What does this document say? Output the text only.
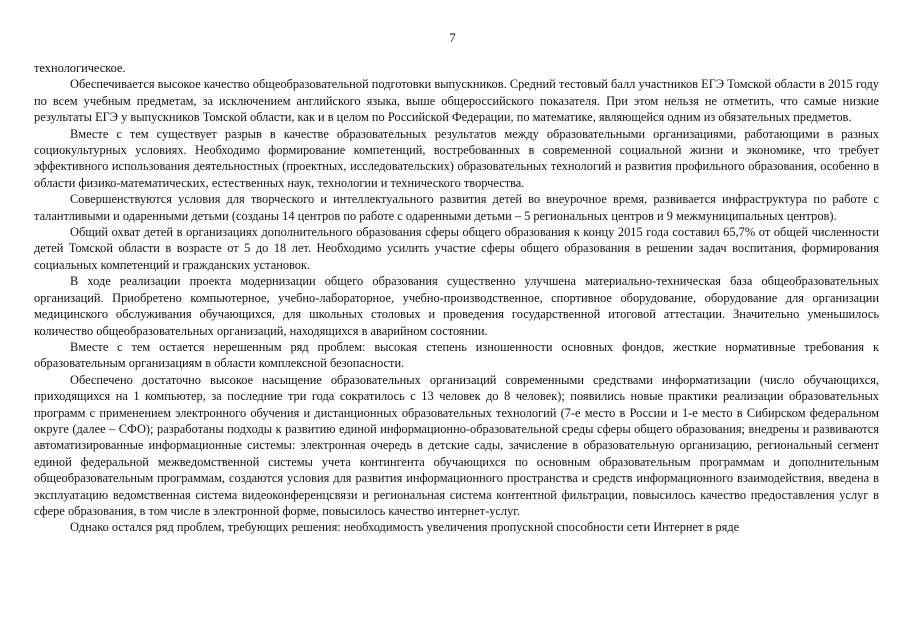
7

технологическое.

Обеспечивается высокое качество общеобразовательной подготовки выпускников. Средний тестовый балл участников ЕГЭ Томской области в 2015 году по всем учебным предметам, за исключением английского языка, выше общероссийского показателя. При этом нельзя не отметить, что самые низкие результаты ЕГЭ у выпускников Томской области, как и в целом по Российской Федерации, по математике, являющейся одним из обязательных предметов.

Вместе с тем существует разрыв в качестве образовательных результатов между образовательными организациями, работающими в разных социокультурных условиях. Необходимо формирование компетенций, востребованных в современной социальной жизни и экономике, что требует эффективного использования деятельностных (проектных, исследовательских) образовательных технологий и развития профильного образования, особенно в области физико-математических, естественных наук, технологии и технического творчества.

Совершенствуются условия для творческого и интеллектуального развития детей во внеурочное время, развивается инфраструктура по работе с талантливыми и одаренными детьми (созданы 14 центров по работе с одаренными детьми – 5 региональных центров и 9 межмуниципальных центров).

Общий охват детей в организациях дополнительного образования сферы общего образования к концу 2015 года составил 65,7% от общей численности детей Томской области в возрасте от 5 до 18 лет. Необходимо усилить участие сферы общего образования в решении задач воспитания, формирования социальных компетенций и гражданских установок.

В ходе реализации проекта модернизации общего образования существенно улучшена материально-техническая база общеобразовательных организаций. Приобретено компьютерное, учебно-лабораторное, учебно-производственное, спортивное оборудование, оборудование для организации медицинского обслуживания обучающихся, для школьных столовых и проведения государственной итоговой аттестации. Значительно уменьшилось количество общеобразовательных организаций, находящихся в аварийном состоянии.

Вместе с тем остается нерешенным ряд проблем: высокая степень изношенности основных фондов, жесткие нормативные требования к образовательным организациям в области комплексной безопасности.

Обеспечено достаточно высокое насыщение образовательных организаций современными средствами информатизации (число обучающихся, приходящихся на 1 компьютер, за последние три года сократилось с 13 человек до 8 человек); появились новые практики реализации образовательных программ с применением электронного обучения и дистанционных образовательных технологий (7-е место в России и 1-е место в Сибирском федеральном округе (далее – СФО); разработаны подходы к развитию единой информационно-образовательной среды сферы общего образования; внедрены и развиваются автоматизированные информационные системы: электронная очередь в детские сады, зачисление в образовательную организацию, региональный сегмент единой федеральной межведомственной системы учета контингента обучающихся по основным образовательным программам и дополнительным общеобразовательным программам, создаются условия для развития информационного пространства и средств информационного взаимодействия, введена в эксплуатацию ведомственная система видеоконференцсвязи и региональная система контентной фильтрации, повысилось качество предоставления услуг в сфере образования, в том числе в электронной форме, повысилось качество интернет-услуг.

Однако остался ряд проблем, требующих решения: необходимость увеличения пропускной способности сети Интернет в ряде
